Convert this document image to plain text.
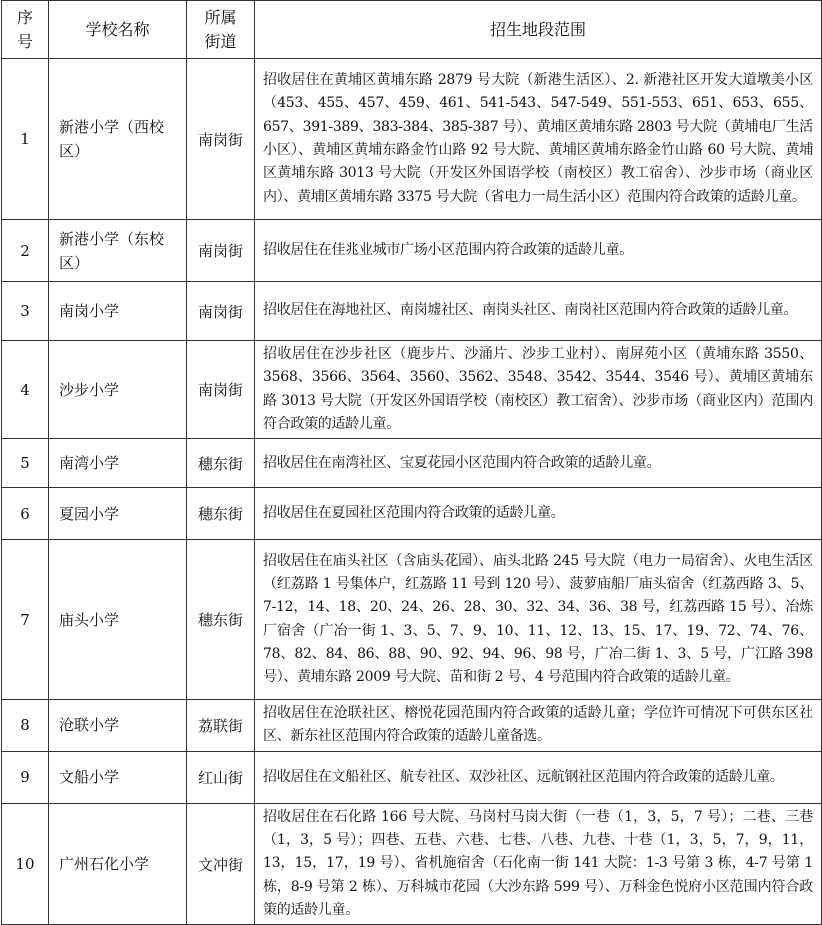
序号	学校名称	所属街道	招生地段范围
1	新港小学（西校区）	南岗街	招收居住在黄埔区黄埔东路 2879 号大院（新港生活区）、2. 新港社区开发大道墩美小区（453、455、457、459、461、541-543、547-549、551-553、651、653、655、657、391-389、383-384、385-387 号）、黄埔区黄埔东路 2803 号大院（黄埔电厂生活小区）、黄埔区黄埔东路金竹山路 92 号大院、黄埔区黄埔东路金竹山路 60 号大院、黄埔区黄埔东路 3013 号大院（开发区外国语学校（南校区）教工宿舍）、沙步市场（商业区内）、黄埔区黄埔东路 3375 号大院（省电力一局生活小区）范围内符合政策的适龄儿童。
2	新港小学（东校区）	南岗街	招收居住在佳兆业城市广场小区范围内符合政策的适龄儿童。
3	南岗小学	南岗街	招收居住在海地社区、南岗墟社区、南岗头社区、南岗社区范围内符合政策的适龄儿童。
4	沙步小学	南岗街	招收居住在沙步社区（鹿步片、沙涌片、沙步工业村）、南屏苑小区（黄埔东路 3550、3568、3566、3564、3560、3562、3548、3542、3544、3546 号）、黄埔区黄埔东路 3013 号大院（开发区外国语学校（南校区）教工宿舍）、沙步市场（商业区内）范围内符合政策的适龄儿童。
5	南湾小学	穗东街	招收居住在南湾社区、宝夏花园小区范围内符合政策的适龄儿童。
6	夏园小学	穗东街	招收居住在夏园社区范围内符合政策的适龄儿童。
7	庙头小学	穗东街	招收居住在庙头社区（含庙头花园）、庙头北路 245 号大院（电力一局宿舍）、火电生活区（红荔路 1 号集体户，红荔路 11 号到 120 号）、菠萝庙船厂庙头宿舍（红荔西路 3、5、7-12，14、18、20、24、26、28、30、32、34、36、38 号，红荔西路 15 号）、冶炼厂宿舍（广冶一街 1、3、5、7、9、10、11、12、13、15、17、19、72、74、76、78、82、84、86、88、90、92、94、96、98 号，广冶二街 1、3、5 号，广江路 398 号）、黄埔东路 2009 号大院、苗和街 2 号、4 号范围内符合政策的适龄儿童。
8	沧联小学	荔联街	招收居住在沧联社区、榕悦花园范围内符合政策的适龄儿童；学位许可情况下可供东区社区、新东社区范围内符合政策的适龄儿童备选。
9	文船小学	红山街	招收居住在文船社区、航专社区、双沙社区、远航钢社区范围内符合政策的适龄儿童。
10	广州石化小学	文冲街	招收居住在石化路 166 号大院、马岗村马岗大街（一巷（1，3，5，7 号）；二巷、三巷（1，3，5 号）；四巷、五巷、六巷、七巷、八巷、九巷、十巷（1，3，5，7，9，11，13，15，17，19 号）、省机施宿舍（石化南一街 141 大院：1-3 号第 3 栋，4-7 号第 1 栋，8-9 号第 2 栋）、万科城市花园（大沙东路 599 号）、万科金色悦府小区范围内符合政策的适龄儿童。
